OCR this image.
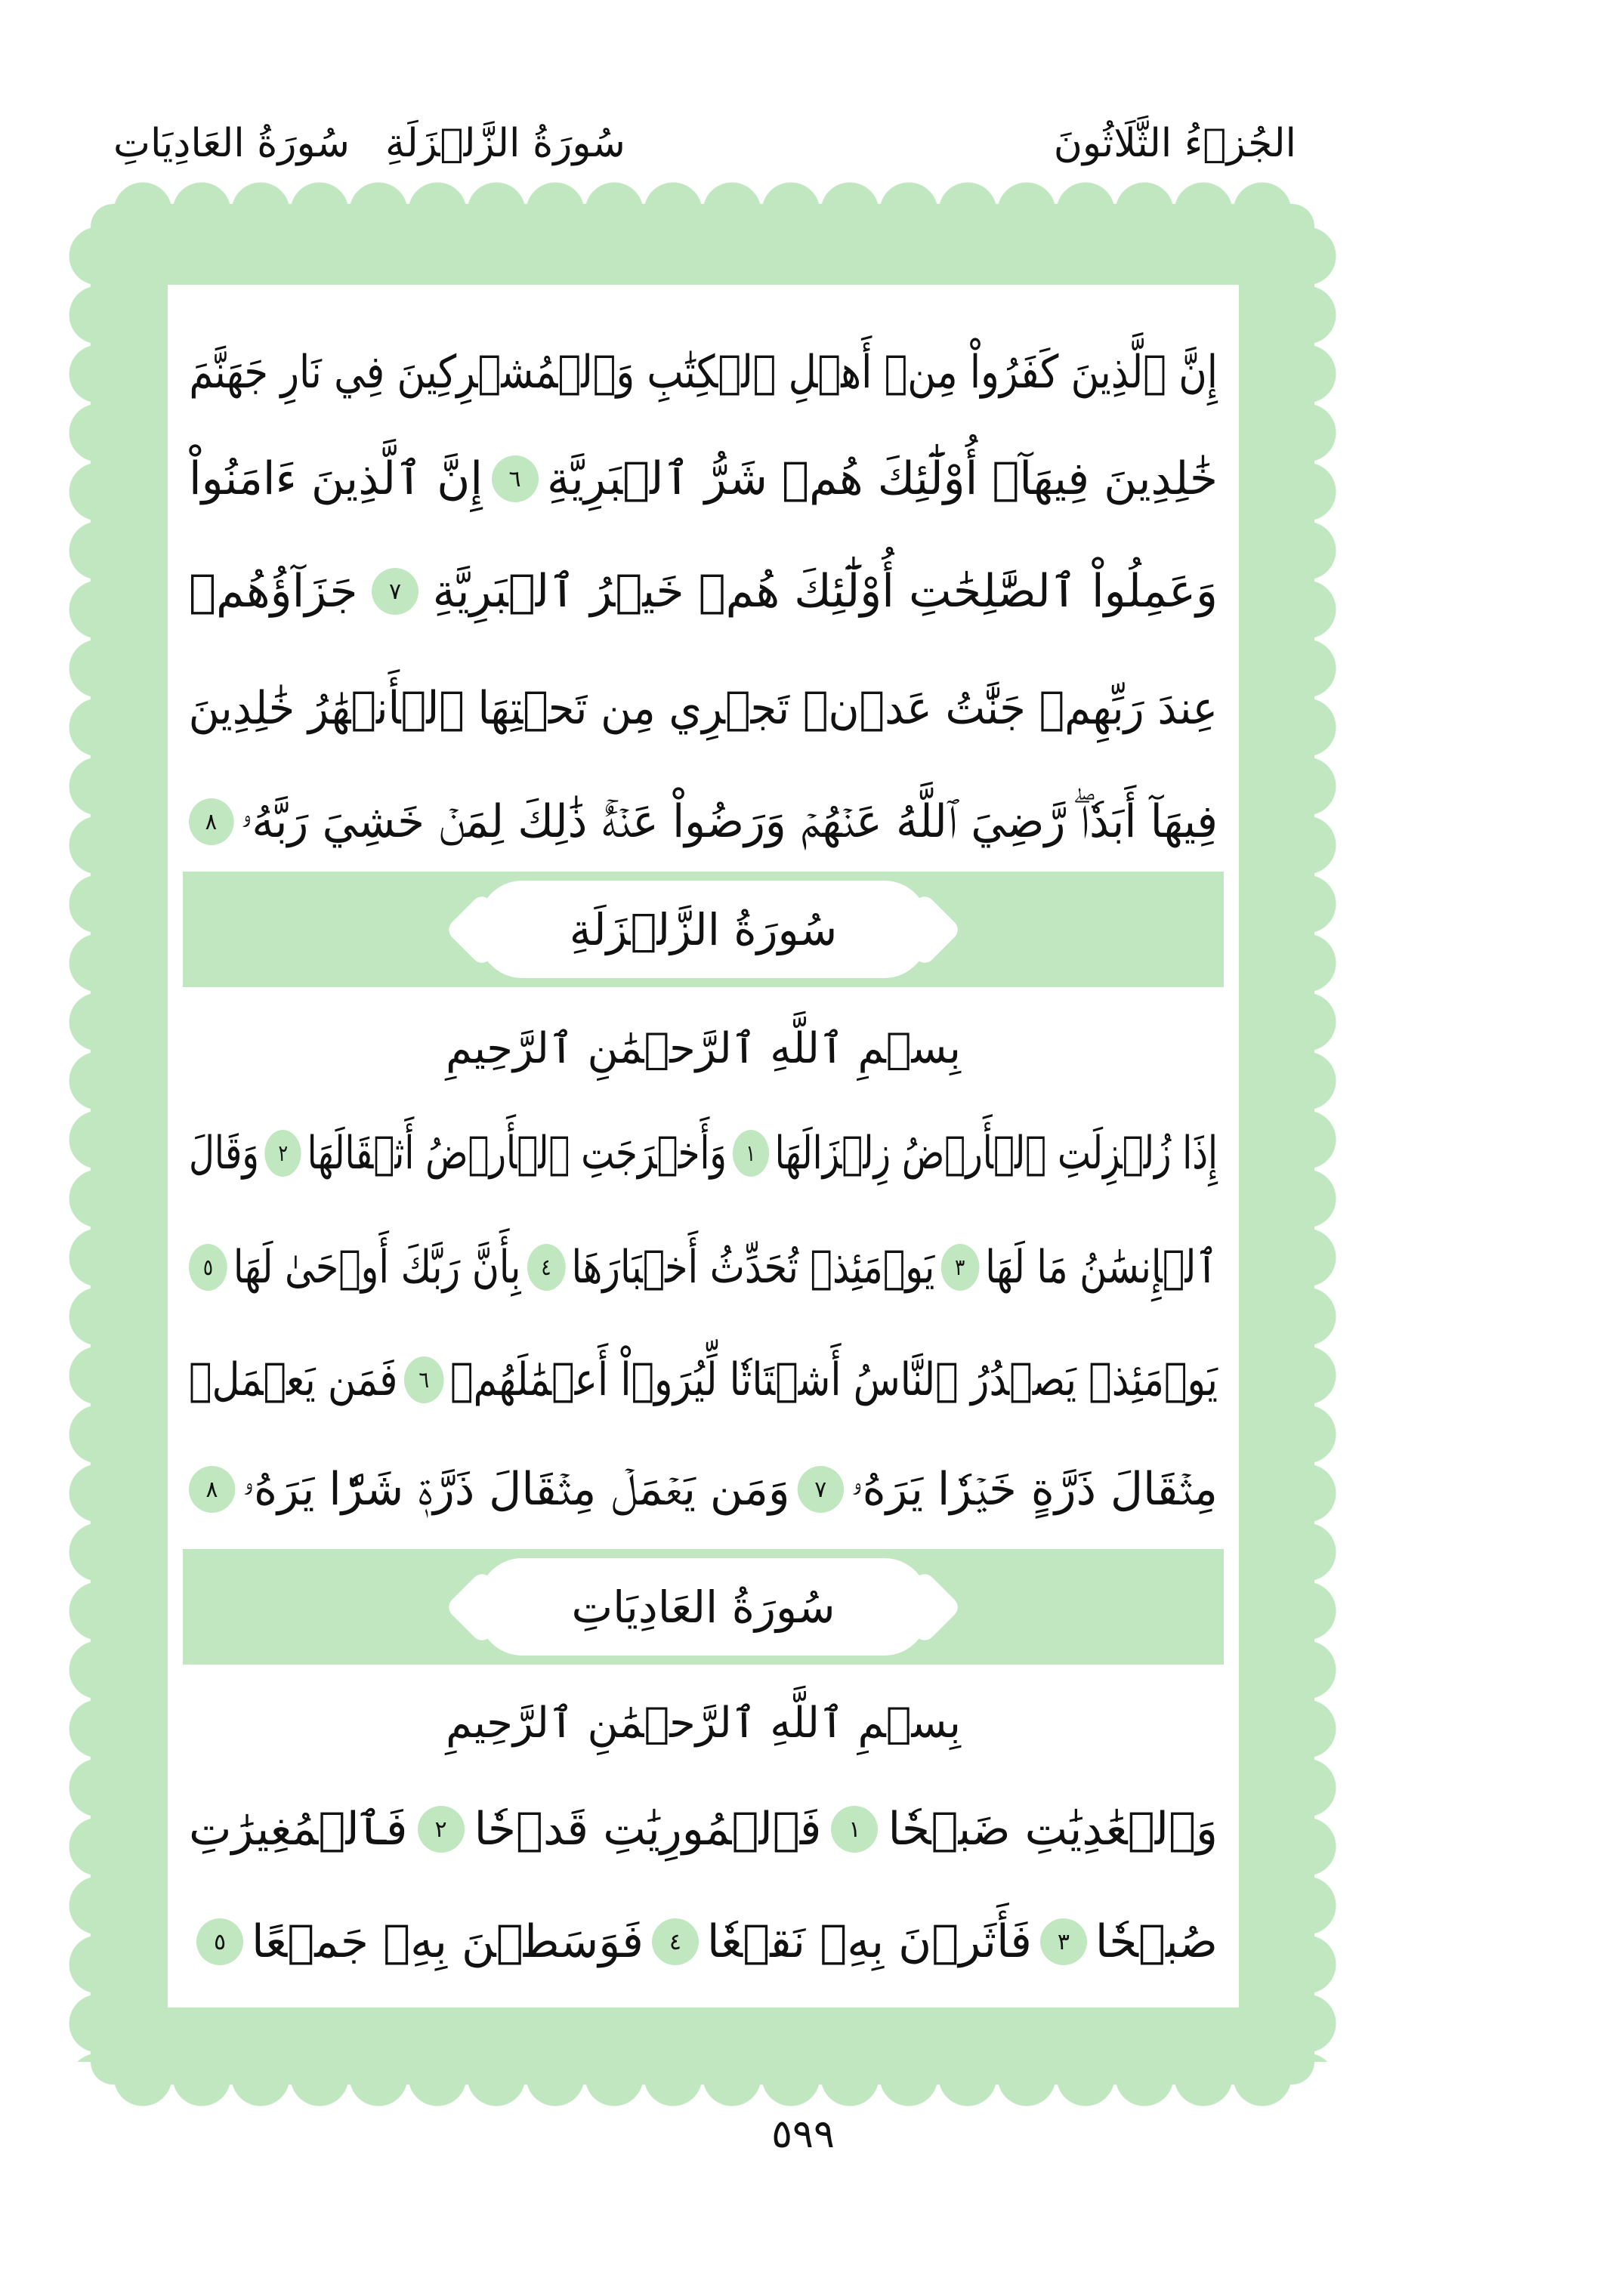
الجُزۡءُ الثَّلَاثُونَ
سُورَةُ الزَّلۡزَلَةِ
سُورَةُ العَادِيَاتِ
إِنَّ ٱلَّذِينَ كَفَرُواْ مِنۡ أَهۡلِ ٱلۡكِتَٰبِ وَٱلۡمُشۡرِكِينَ فِي نَارِ جَهَنَّمَ
خَٰلِدِينَ فِيهَآۚ أُوْلَٰٓئِكَ هُمۡ شَرُّ ٱلۡبَرِيَّةِ
٦
إِنَّ ٱلَّذِينَ ءَامَنُواْ
وَعَمِلُواْ ٱلصَّٰلِحَٰتِ أُوْلَٰٓئِكَ هُمۡ خَيۡرُ ٱلۡبَرِيَّةِ
٧
جَزَآؤُهُمۡ
عِندَ رَبِّهِمۡ جَنَّٰتُ عَدۡنٖ تَجۡرِي مِن تَحۡتِهَا ٱلۡأَنۡهَٰرُ خَٰلِدِينَ
فِيهَآ أَبَدٗاۖ رَّضِيَ ٱللَّهُ عَنۡهُمۡ وَرَضُواْ عَنۡهُۚ ذَٰلِكَ لِمَنۡ خَشِيَ رَبَّهُۥ
٨
سُورَةُ الزَّلۡزَلَةِ
بِسۡمِ ٱللَّهِ ٱلرَّحۡمَٰنِ ٱلرَّحِيمِ
إِذَا زُلۡزِلَتِ ٱلۡأَرۡضُ زِلۡزَالَهَا
١
وَأَخۡرَجَتِ ٱلۡأَرۡضُ أَثۡقَالَهَا
٢
وَقَالَ
ٱلۡإِنسَٰنُ مَا لَهَا
٣
يَوۡمَئِذٖ تُحَدِّثُ أَخۡبَارَهَا
٤
بِأَنَّ رَبَّكَ أَوۡحَىٰ لَهَا
٥
يَوۡمَئِذٖ يَصۡدُرُ ٱلنَّاسُ أَشۡتَاتٗا لِّيُرَوۡاْ أَعۡمَٰلَهُمۡ
٦
فَمَن يَعۡمَلۡ
مِثۡقَالَ ذَرَّةٍ خَيۡرٗا يَرَهُۥ
٧
وَمَن يَعۡمَلۡ مِثۡقَالَ ذَرَّةٖ شَرّٗا يَرَهُۥ
٨
سُورَةُ العَادِيَاتِ
بِسۡمِ ٱللَّهِ ٱلرَّحۡمَٰنِ ٱلرَّحِيمِ
وَٱلۡعَٰدِيَٰتِ ضَبۡحٗا
١
فَٱلۡمُورِيَٰتِ قَدۡحٗا
٢
فَٱلۡمُغِيرَٰتِ
صُبۡحٗا
٣
فَأَثَرۡنَ بِهِۦ نَقۡعٗا
٤
فَوَسَطۡنَ بِهِۦ جَمۡعًا
٥
٥٩٩
